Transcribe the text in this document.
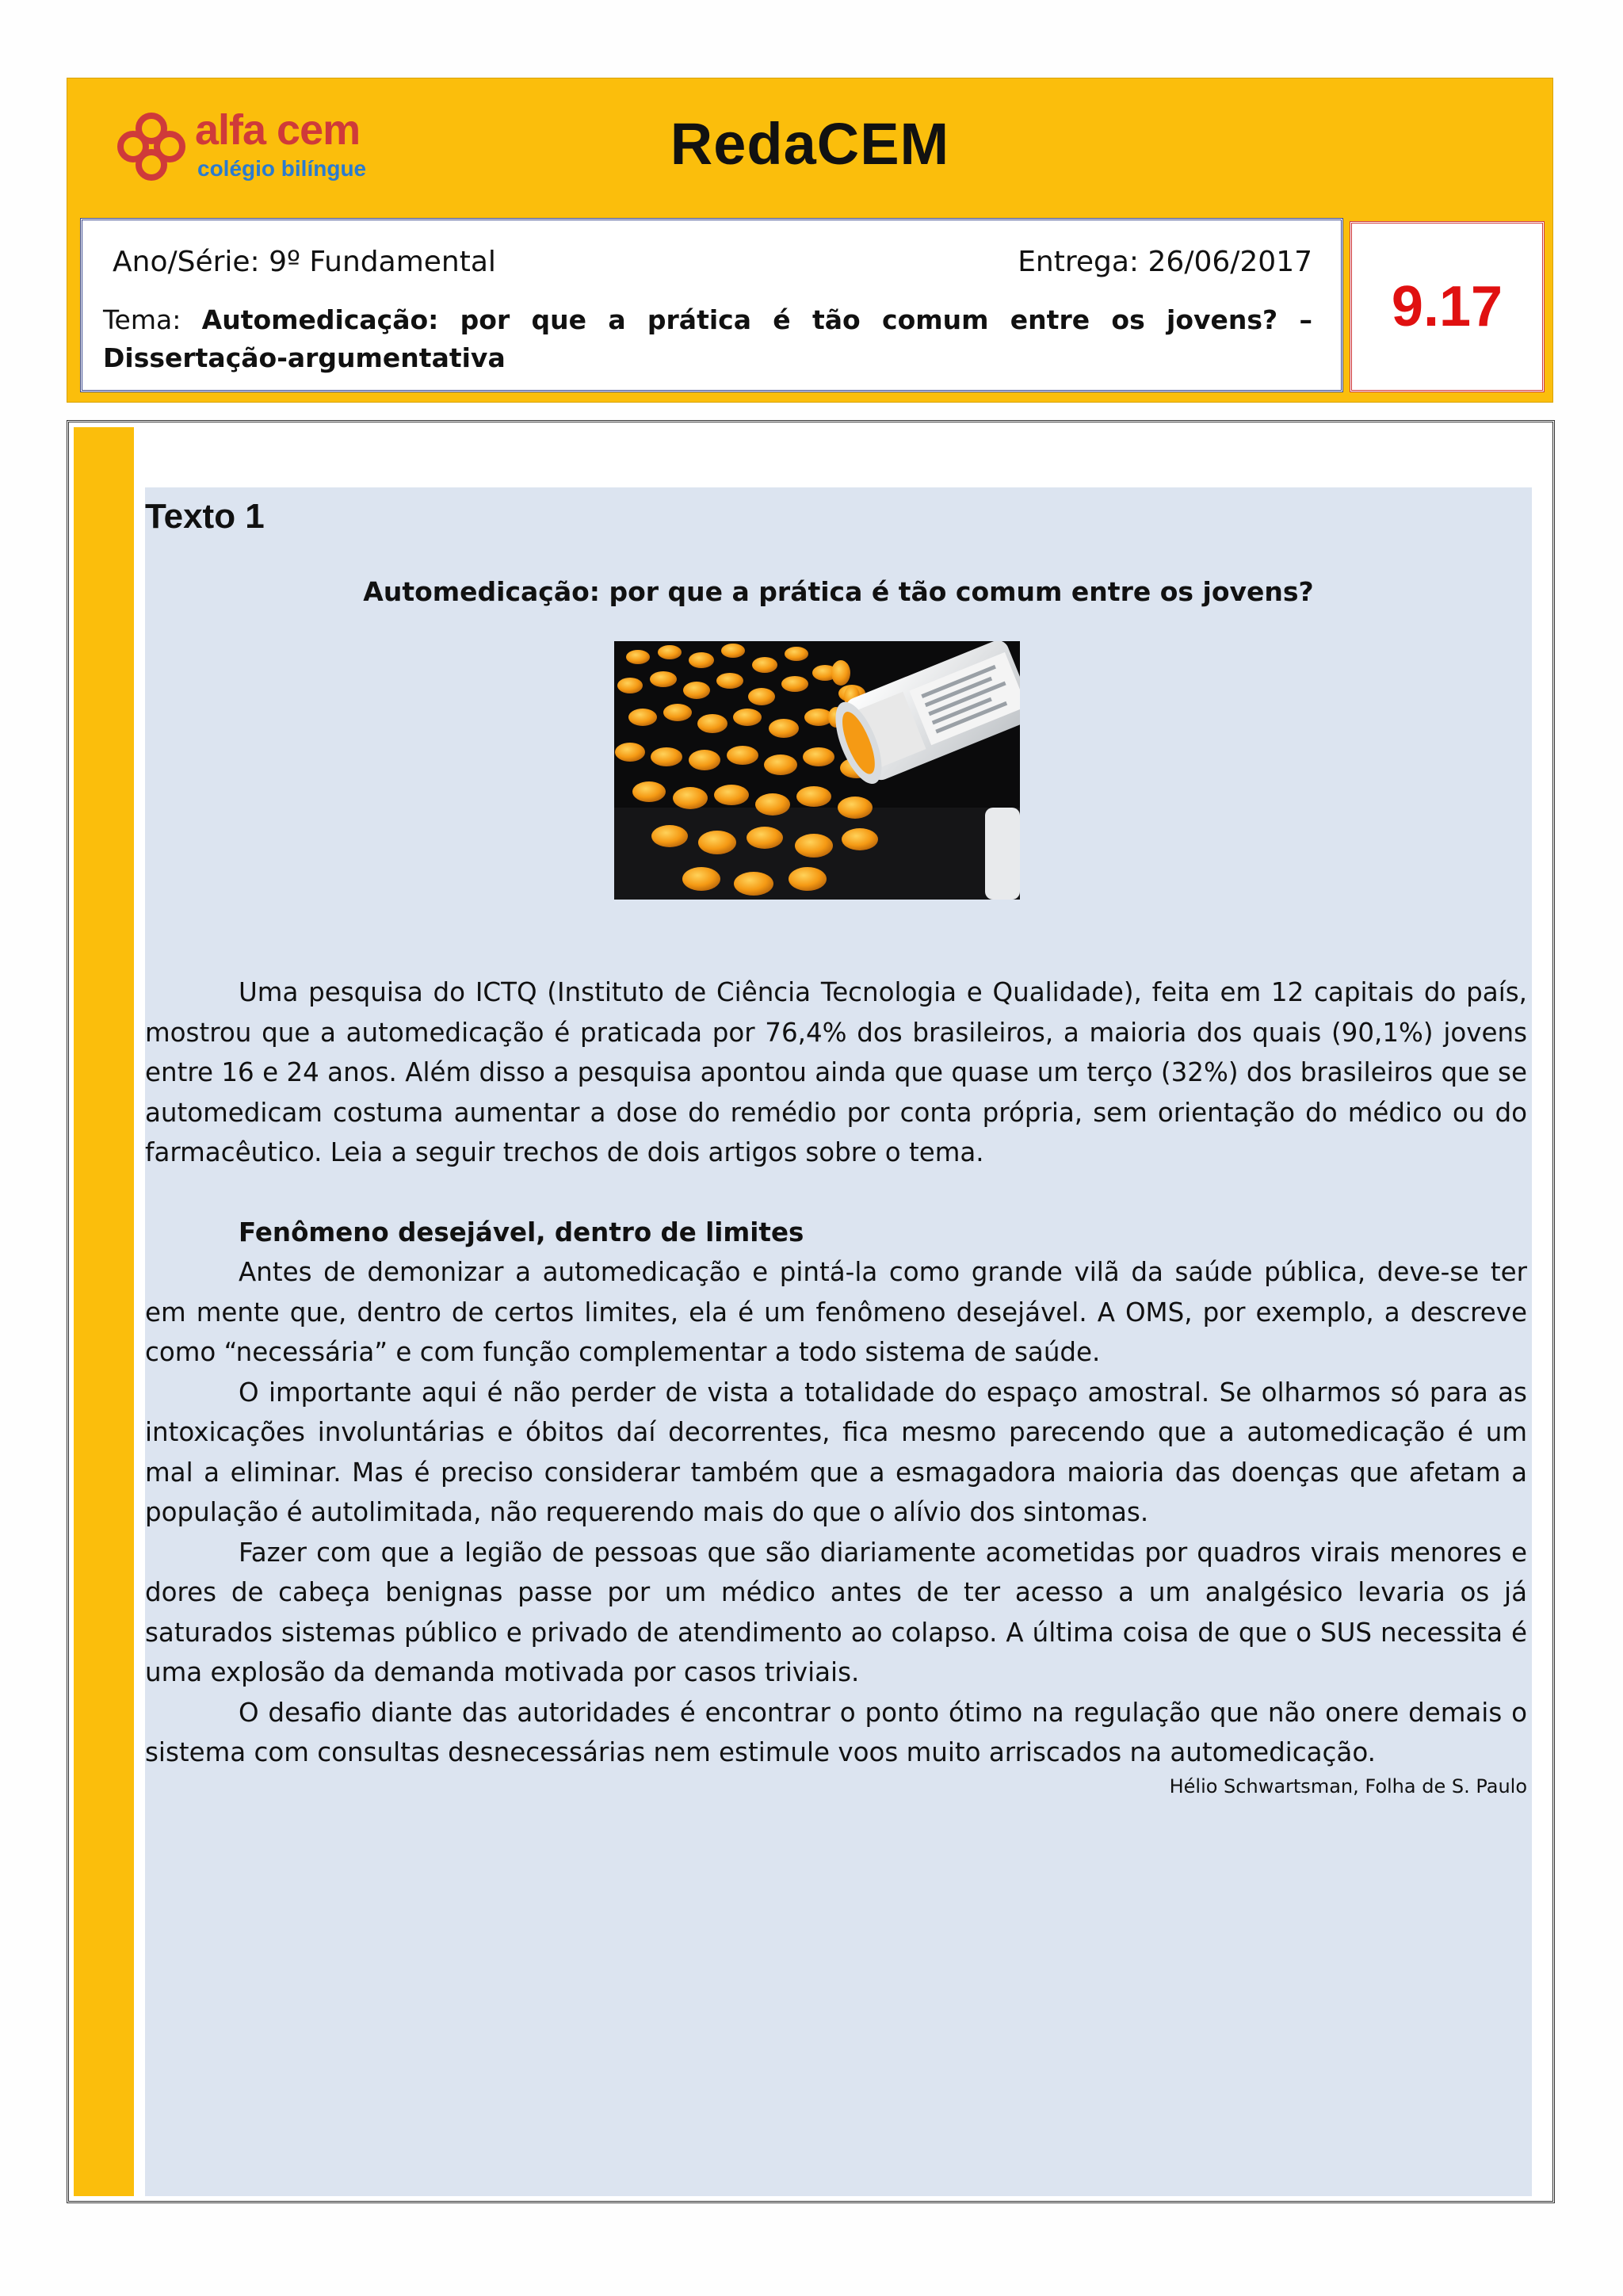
alfa cem
colégio bilíngue	RedaCEM
Ano/Série: 9º Fundamental	Entrega: 26/06/2017
Tema: Automedicação: por que a prática é tão comum entre os jovens? – Dissertação-argumentativa
9.17
Texto 1
Automedicação: por que a prática é tão comum entre os jovens?

Uma pesquisa do ICTQ (Instituto de Ciência Tecnologia e Qualidade), feita em 12 capitais do país, mostrou que a automedicação é praticada por 76,4% dos brasileiros, a maioria dos quais (90,1%) jovens entre 16 e 24 anos. Além disso a pesquisa apontou ainda que quase um terço (32%) dos brasileiros que se automedicam costuma aumentar a dose do remédio por conta própria, sem orientação do médico ou do farmacêutico. Leia a seguir trechos de dois artigos sobre o tema.

Fenômeno desejável, dentro de limites

Antes de demonizar a automedicação e pintá-la como grande vilã da saúde pública, deve-se ter em mente que, dentro de certos limites, ela é um fenômeno desejável. A OMS, por exemplo, a descreve como “necessária” e com função complementar a todo sistema de saúde.

O importante aqui é não perder de vista a totalidade do espaço amostral. Se olharmos só para as intoxicações involuntárias e óbitos daí decorrentes, fica mesmo parecendo que a automedicação é um mal a eliminar. Mas é preciso considerar também que a esmagadora maioria das doenças que afetam a população é autolimitada, não requerendo mais do que o alívio dos sintomas.

Fazer com que a legião de pessoas que são diariamente acometidas por quadros virais menores e dores de cabeça benignas passe por um médico antes de ter acesso a um analgésico levaria os já saturados sistemas público e privado de atendimento ao colapso. A última coisa de que o SUS necessita é uma explosão da demanda motivada por casos triviais.

O desafio diante das autoridades é encontrar o ponto ótimo na regulação que não onere demais o sistema com consultas desnecessárias nem estimule voos muito arriscados na automedicação.

Hélio Schwartsman, Folha de S. Paulo
